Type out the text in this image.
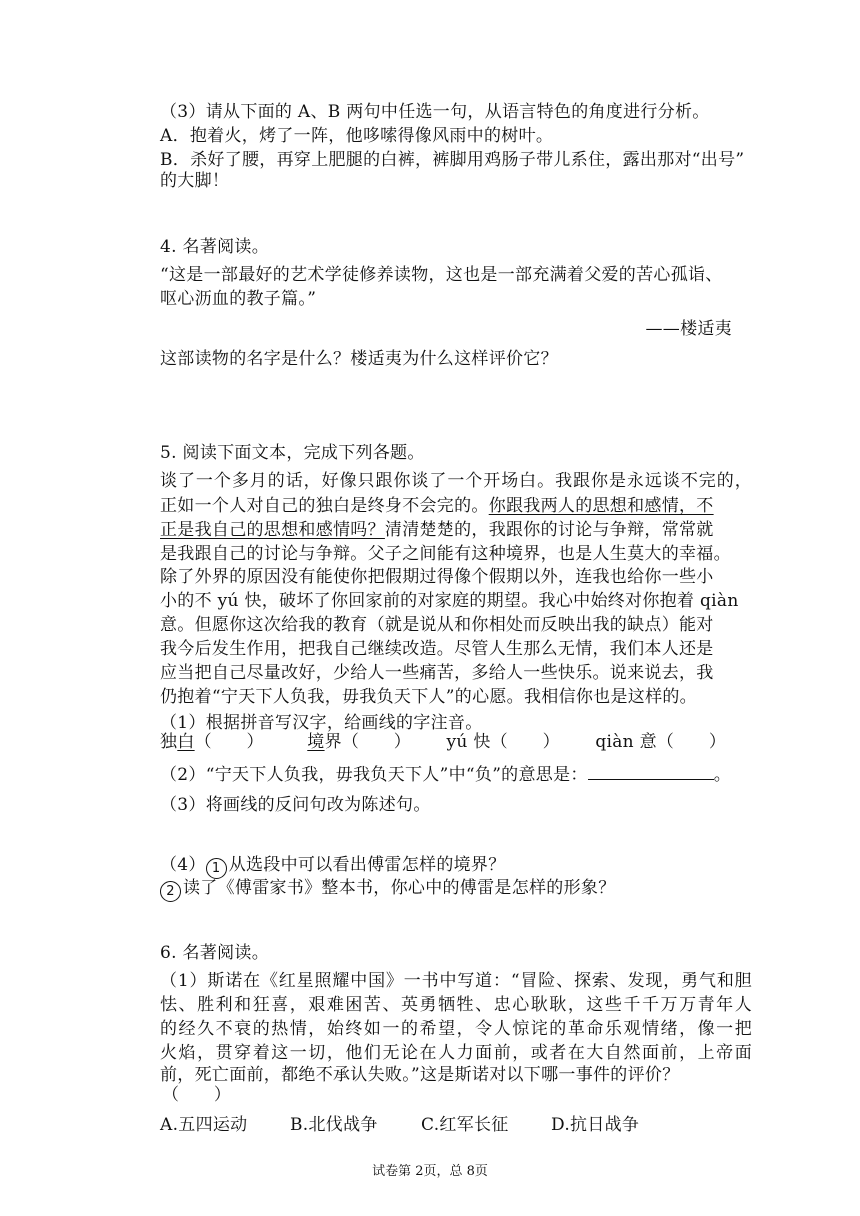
（3）请从下面的 A、B 两句中任选一句，从语言特色的角度进行分析。
A．抱着火，烤了一阵，他哆嗦得像风雨中的树叶。
B．杀好了腰，再穿上肥腿的白裤，裤脚用鸡肠子带儿系住，露出那对“出号”
的大脚！
4. 名著阅读。
“这是一部最好的艺术学徒修养读物，这也是一部充满着父爱的苦心孤诣、
呕心沥血的教子篇。”
——楼适夷
这部读物的名字是什么？楼适夷为什么这样评价它？
5. 阅读下面文本，完成下列各题。
谈了一个多月的话，好像只跟你谈了一个开场白。我跟你是永远谈不完的，
正如一个人对自己的独白是终身不会完的。你跟我两人的思想和感情，不
正是我自己的思想和感情吗？清清楚楚的，我跟你的讨论与争辩，常常就
是我跟自己的讨论与争辩。父子之间能有这种境界，也是人生莫大的幸福。
除了外界的原因没有能使你把假期过得像个假期以外，连我也给你一些小
小的不 yú 快，破坏了你回家前的对家庭的期望。我心中始终对你抱着 qiàn
意。但愿你这次给我的教育（就是说从和你相处而反映出我的缺点）能对
我今后发生作用，把我自己继续改造。尽管人生那么无情，我们本人还是
应当把自己尽量改好，少给人一些痛苦，多给人一些快乐。说来说去，我
仍抱着“宁天下人负我，毋我负天下人”的心愿。我相信你也是这样的。
（1）根据拼音写汉字，给画线的字注音。
独白（　　）	境界（　　） yú 快（　　） qiàn 意（　　）
（2）“宁天下人负我，毋我负天下人”中“负”的意思是：	。
（3）将画线的反问句改为陈述句。
（4） 1 从选段中可以看出傅雷怎样的境界？
2 读了《傅雷家书》整本书，你心中的傅雷是怎样的形象？
6. 名著阅读。
（1）斯诺在《红星照耀中国》一书中写道：“冒险、探索、发现，勇气和胆
怯、胜利和狂喜，艰难困苦、英勇牺牲、忠心耿耿，这些千千万万青年人
的经久不衰的热情，始终如一的希望，令人惊诧的革命乐观情绪，像一把
火焰，贯穿着这一切，他们无论在人力面前，或者在大自然面前，上帝面
前，死亡面前，都绝不承认失败。”这是斯诺对以下哪一事件的评价？
（　　）
A.五四运动	B.北伐战争	C.红军长征 D.抗日战争
试卷第 2页，总 8页
